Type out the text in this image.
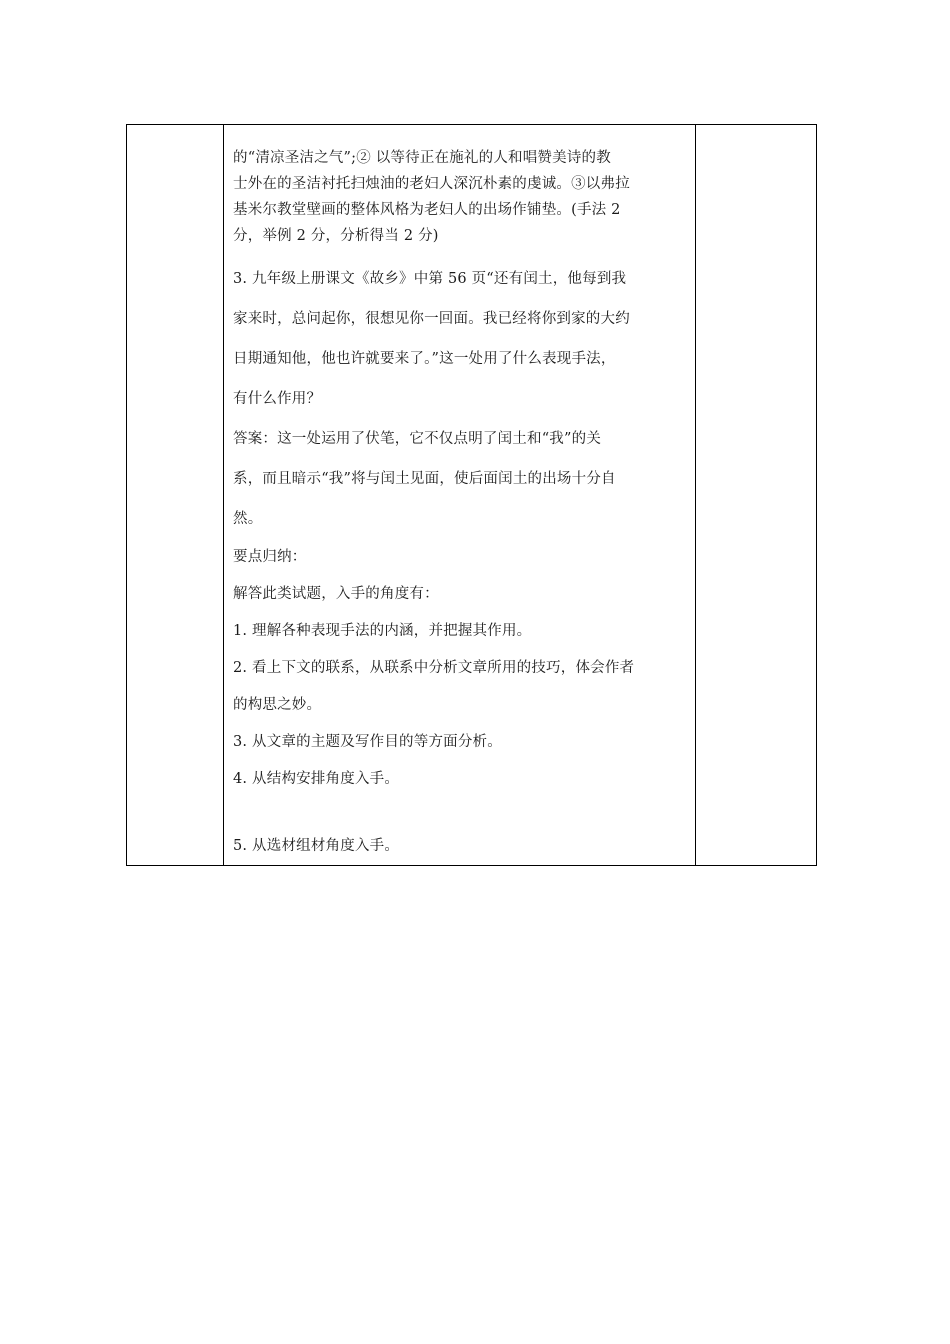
的“清凉圣洁之气”;② 以等待正在施礼的人和唱赞美诗的教
士外在的圣洁衬托扫烛油的老妇人深沉朴素的虔诚。③以弗拉
基米尔教堂壁画的整体风格为老妇人的出场作铺垫。(手法 2
分，举例 2 分，分析得当 2 分)
3. 九年级上册课文《故乡》中第 56 页“还有闰土，他每到我
家来时，总问起你，很想见你一回面。我已经将你到家的大约
日期通知他，他也许就要来了。”这一处用了什么表现手法，
有什么作用？
答案：这一处运用了伏笔，它不仅点明了闰土和“我”的关
系，而且暗示“我”将与闰土见面，使后面闰土的出场十分自
然。
要点归纳：
解答此类试题，入手的角度有：
1. 理解各种表现手法的内涵，并把握其作用。
2. 看上下文的联系，从联系中分析文章所用的技巧，体会作者
的构思之妙。
3. 从文章的主题及写作目的等方面分析。
4. 从结构安排角度入手。
5. 从选材组材角度入手。
